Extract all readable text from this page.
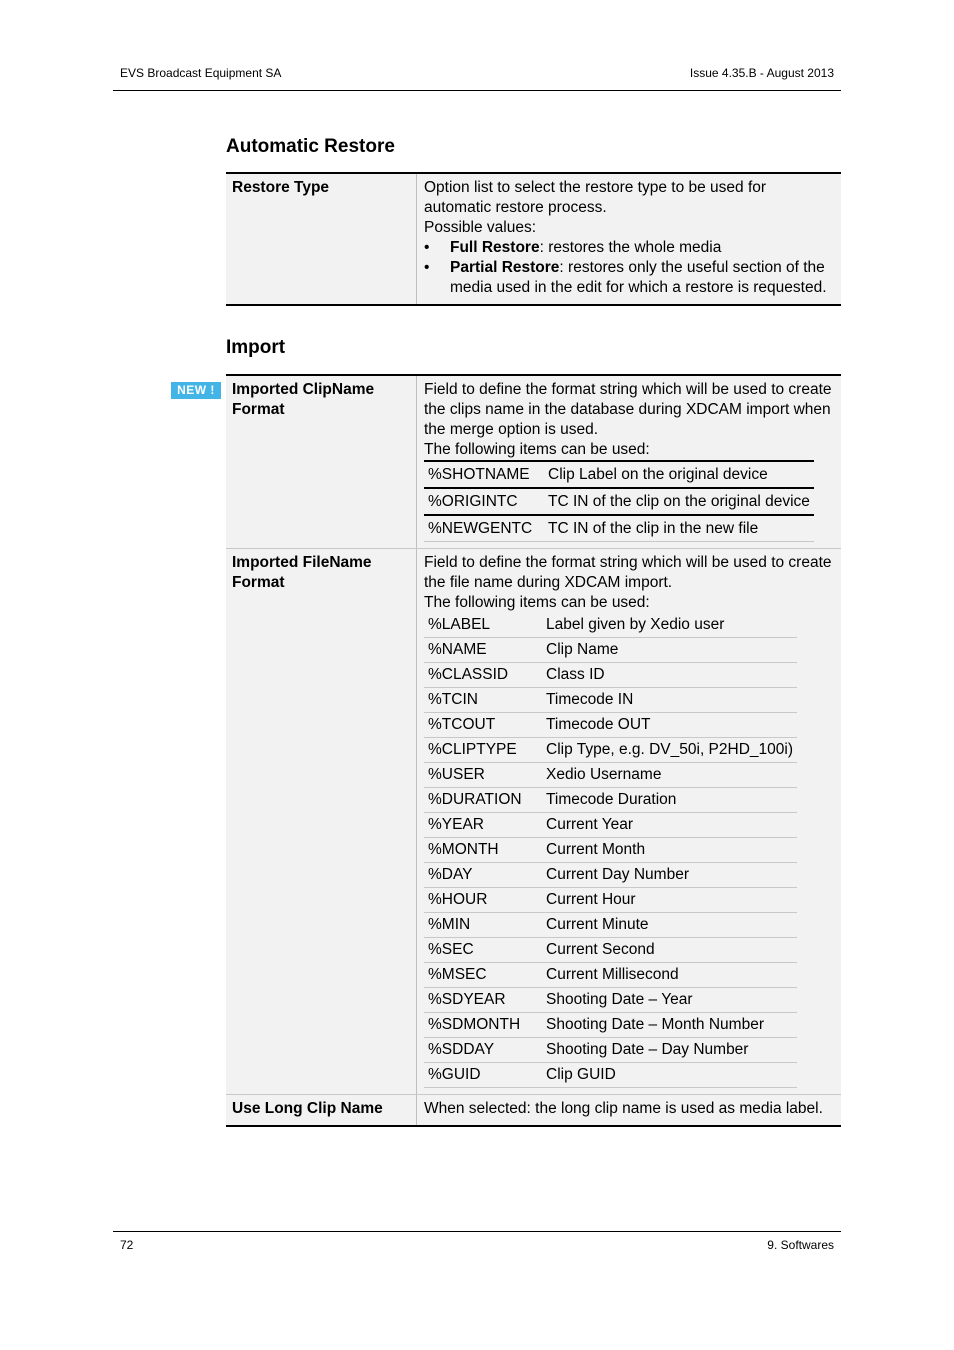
EVS Broadcast Equipment SA	Issue 4.35.B - August 2013
Automatic Restore
Restore Type	Option list to select the restore type to be used for automatic restore process.
Possible values:
• Full Restore: restores the whole media
• Partial Restore: restores only the useful section of the media used in the edit for which a restore is requested.
Import
NEW !	Imported ClipName
Format

Field to define the format string which will be used to create the clips name in the database during XDCAM import when the merge option is used.
The following items can be used:
%SHOTNAME	Clip Label on the original device
%ORIGINTC	TC IN of the clip on the original device
%NEWGENTC	TC IN of the clip in the new file

Imported FileName
Format

Field to define the format string which will be used to create the file name during XDCAM import.
The following items can be used:
%LABEL	Label given by Xedio user
%NAME	Clip Name
%CLASSID	Class ID
%TCIN	Timecode IN
%TCOUT	Timecode OUT
%CLIPTYPE	Clip Type, e.g. DV_50i, P2HD_100i)
%USER	Xedio Username
%DURATION	Timecode Duration
%YEAR	Current Year
%MONTH	Current Month
%DAY	Current Day Number
%HOUR	Current Hour
%MIN	Current Minute
%SEC	Current Second
%MSEC	Current Millisecond
%SDYEAR	Shooting Date – Year
%SDMONTH	Shooting Date – Month Number
%SDDAY	Shooting Date – Day Number
%GUID	Clip GUID

Use Long Clip Name	When selected: the long clip name is used as media label.
72	9. Softwares
